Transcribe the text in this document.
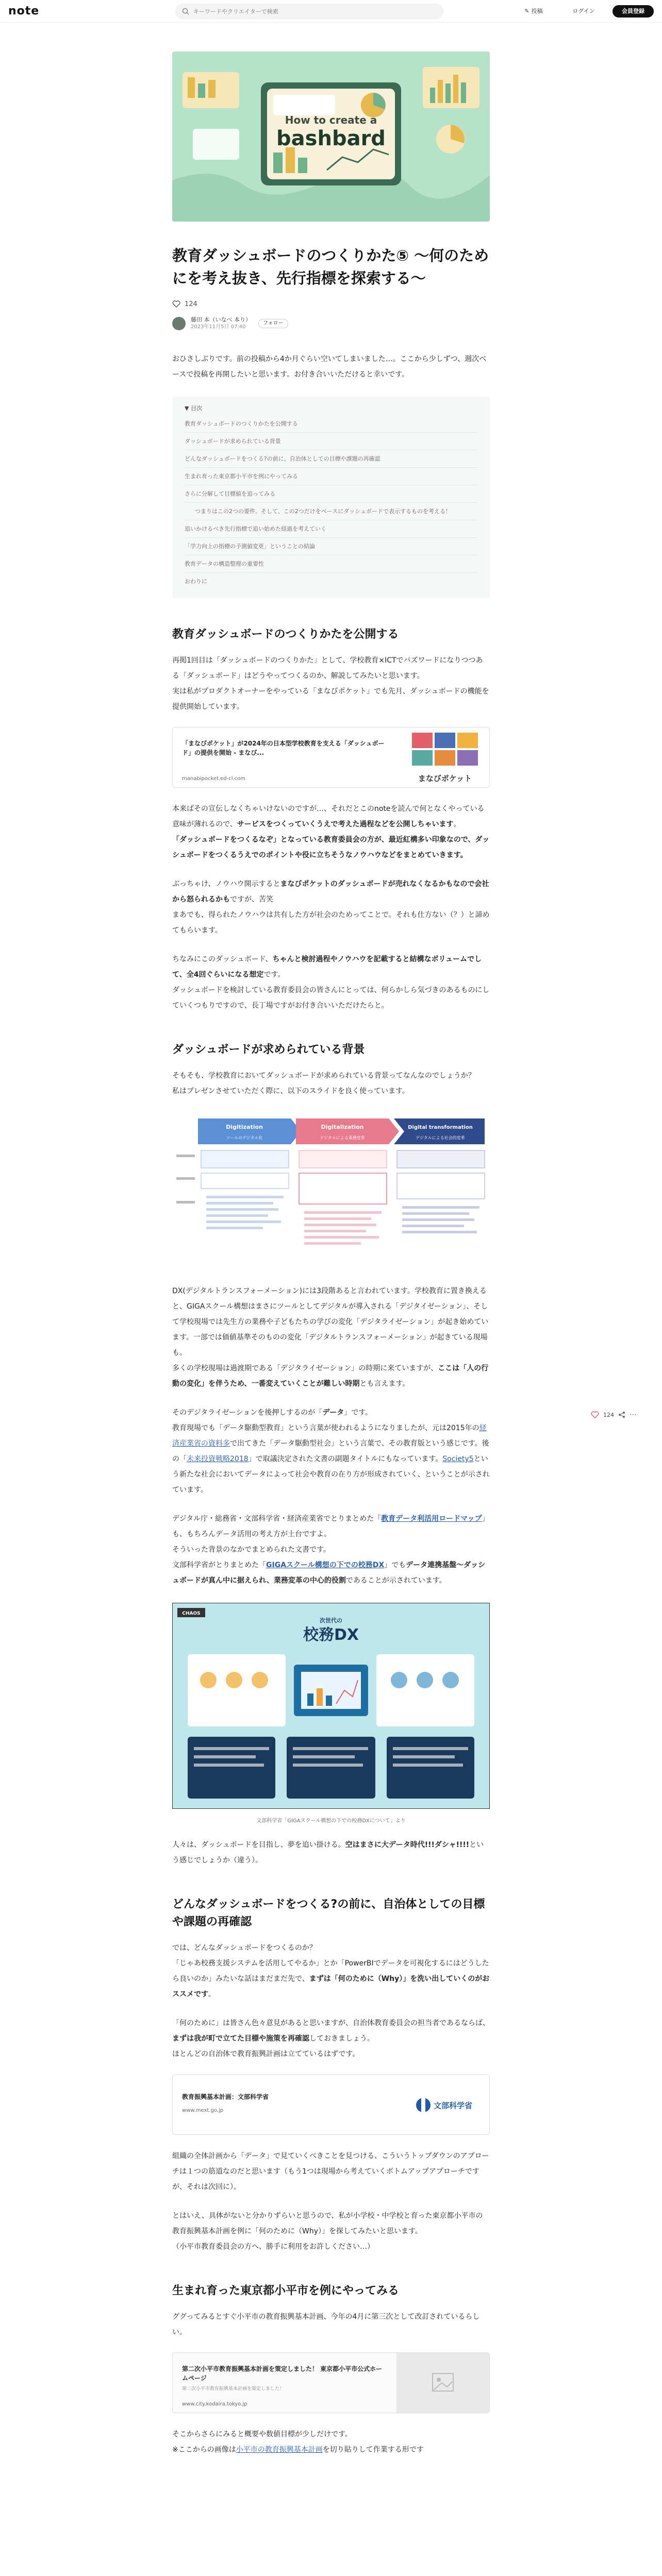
note
キーワードやクリエイターで検索	✎ 投稿	ログイン	会員登録
How to create a
bashbard
教育ダッシュボードのつくりかた⑤ 〜何のためにを考え抜き、先行指標を探索する〜
124
藤田 本（いなべ 本り）
2023年11月5日 07:40
フォロー

おひさしぶりです。前の投稿から4か月ぐらい空いてしまいました…。ここから少しずつ、週次ベースで投稿を再開したいと思います。お付き合いいただけると幸いです。

▼ 目次
教育ダッシュボードのつくりかたを公開する
ダッシュボードが求められている背景
どんなダッシュボードをつくる?の前に、自治体としての目標や課題の再確認
生まれ育った東京都小平市を例にやってみる
さらに分解して目標値を追ってみる
つまりはこの2つの要件。そして、この2つだけをベースにダッシュボードで表示するものを考える！
追いかけるべき先行指標で追い始めた経過を考えていく
「学力向上の指標の予測値変更」ということの結論
教育データの構造整理の重要性
おわりに
教育ダッシュボードのつくりかたを公開する

再掲1回目は「ダッシュボードのつくりかた」として、学校教育×ICTでバズワードになりつつある「ダッシュボード」はどうやってつくるのか、解説してみたいと思います。

実は私がプロダクトオーナーをやっている「まなびポケット」でも先月、ダッシュボードの機能を提供開始しています。

「まなびポケット」が2024年の日本型学校教育を支える「ダッシュボード」の提供を開始 - まなび...
manabipocket.ed-cl.com	まなびポケット

本来ばその宣伝しなくちゃいけないのですが…、それだとこのnoteを読んで何となくやっている意味が薄れるので、サービスをつくっていくうえで考えた過程などを公開しちゃいます。

「ダッシュボードをつくるなぞ」となっている教育委員会の方が、最近紅構多い印象なので、ダッシュボードをつくるうえでのポイントや役に立ちそうなノウハウなどをまとめていきます。

ぶっちゃけ、ノウハウ開示するとまなびポケットのダッシュボードが売れなくなるかもなので会社から怒られるかもですが、苦笑
まあでも、得られたノウハウは共有した方が社会のためってことで。それも仕方ない（？）と諦めてもらいます。

ちなみにこのダッシュボード、ちゃんと検討過程やノウハウを記載すると結構なボリュームでして、全4回ぐらいになる想定です。
ダッシュボードを検討している教育委員会の皆さんにとっては、何らかしら気づきのあるものにしていくつもりですので、長丁場ですがお付き合いいただけたらと。

ダッシュボードが求められている背景

そもそも、学校教育においてダッシュボードが求められている背景ってなんなのでしょうか？

私はプレゼンさせていただく際に、以下のスライドを良く使っています。

Digitization	Digitalization	Digital transformation
ツールのデジタル化	デジタルによる業務変革	デジタルによる社会的変革

DX(デジタルトランスフォーメーション)には3段階あると言われています。学校教育に置き換えると、GIGAスクール構想はまさにツールとしてデジタルが導入される「デジタイゼーション」、そして学校現場では先生方の業務や子どもたちの学びの変化「デジタライゼーション」が起き始めています。一部では価値基準そのものの変化「デジタルトランスフォーメーション」が起きている現場も。

多くの学校現場は過渡期である「デジタライゼーション」の時期に来ていますが、ここは「人の行動の変化」を伴うため、一番変えていくことが難しい時期とも言えます。

そのデジタライゼーションを後押しするのが「データ」です。
教育現場でも「データ駆動型教育」という言葉が使われるようになりましたが、元は2015年の経済産業省の資料多で出てきた「データ駆動型社会」という言葉で、その教育版という感じです。後の「未来投資戦略2018」で取議決定された文書の副題タイトルにもなっています。Society5という新たな社会においてデータによって社会や教育の在り方が形成されていく、ということが示されています。

デジタル庁・総務省・文部科学省・経済産業省でとりまとめた「教育データ利活用ロードマップ」も、もちろんデータ活用の考え方が土台ですよ。
そういった背景のなかでまとめられた文書です。
文部科学省がとりまとめた「GIGAスクール構想の下での校務DX」でもデータ連携基盤〜ダッシュボードが真ん中に据えられ、業務変革の中心的役割であることが示されています。

CHAOS
次世代の
校務DX
文部科学省「GIGAスクール構想の下での校務DXについて」より

人々は、ダッシュボードを目指し、夢を追い掛ける。空はまさに大データ時代!!!ダシャ!!!!という感じでしょうか（違う）。

どんなダッシュボードをつくる?の前に、自治体としての目標や課題の再確認

では、どんなダッシュボードをつくるのか？

「じゃあ校務支援システムを活用してやるか」とか「PowerBIでデータを可視化するにはどうしたら良いのか」みたいな話はまだまだ先で、まずは「何のために（Why）」を洗い出していくのがおススメです。

「何のために」は皆さん色々意見があると思いますが、自治体教育委員会の担当者であるならば、まずは我が町で立てた目標や施策を再確認しておきましょう。
ほとんどの自治体で教育振興計画は立てているはずです。

教育振興基本計画：文部科学省
www.mext.go.jp
文部科学省

組織の全体計画から「データ」で見ていくべきことを見つける、こういうトップダウンのアプローチは１つの筋道なのだと思います（もう1つは現場から考えていくボトムアップアプローチですが、それは次回に）。

とはいえ、具体がないと分かりずらいと思うので、私が小学校・中学校と育った東京都小平市の教育振興基本計画を例に「何のために（Why）」を探してみたいと思います。
（小平市教育委員会の方へ、勝手に利用をお許しください…）

生まれ育った東京都小平市を例にやってみる

ググってみるとすぐ小平市の教育振興基本計画、今年の4月に第三次として改訂されているらしい。

第二次小平市教育振興基本計画を策定しました！ 東京都小平市公式ホームページ
第二次小平市教育振興基本計画を策定しました！
www.city.kodaira.tokyo.jp

そこからさらにみると概要や数値目標が少しだけです。
※ここからの画像は小平市の教育振興基本計画を切り貼りして作業する形です

124 ⋯
